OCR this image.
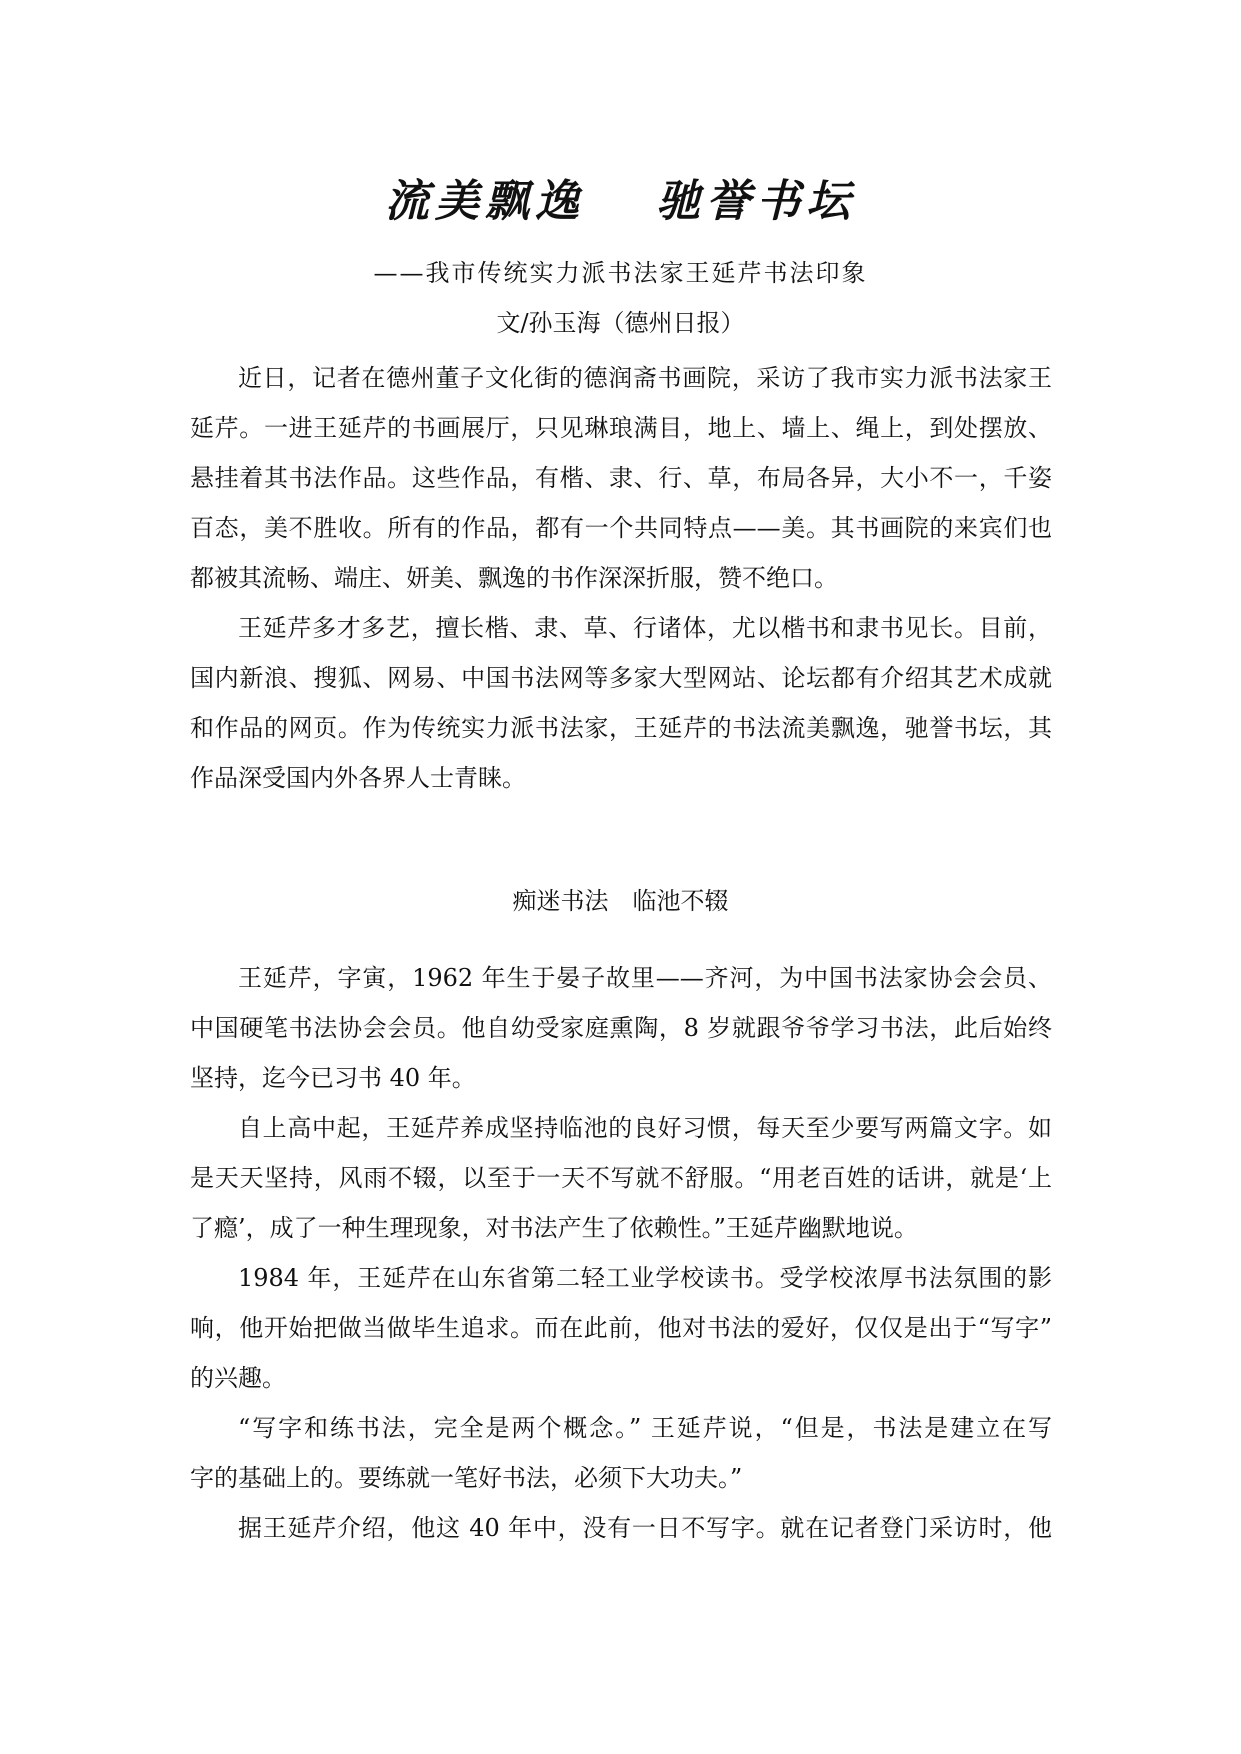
流美飘逸　 驰誉书坛
——我市传统实力派书法家王延芹书法印象
文/孙玉海（德州日报）
近日，记者在德州董子文化街的德润斋书画院，采访了我市实力派书法家王
延芹。一进王延芹的书画展厅，只见琳琅满目，地上、墙上、绳上，到处摆放、
悬挂着其书法作品。这些作品，有楷、隶、行、草，布局各异，大小不一，千姿
百态，美不胜收。所有的作品，都有一个共同特点——美。其书画院的来宾们也
都被其流畅、端庄、妍美、飘逸的书作深深折服，赞不绝口。
王延芹多才多艺，擅长楷、隶、草、行诸体，尤以楷书和隶书见长。目前，
国内新浪、搜狐、网易、中国书法网等多家大型网站、论坛都有介绍其艺术成就
和作品的网页。作为传统实力派书法家，王延芹的书法流美飘逸，驰誉书坛，其
作品深受国内外各界人士青睐。
痴迷书法　临池不辍
王延芹，字寅，1962 年生于晏子故里——齐河，为中国书法家协会会员、
中国硬笔书法协会会员。他自幼受家庭熏陶，8 岁就跟爷爷学习书法，此后始终
坚持，迄今已习书 40 年。
自上高中起，王延芹养成坚持临池的良好习惯，每天至少要写两篇文字。如
是天天坚持，风雨不辍，以至于一天不写就不舒服。“用老百姓的话讲，就是‘上
了瘾’，成了一种生理现象，对书法产生了依赖性。”王延芹幽默地说。
1984 年，王延芹在山东省第二轻工业学校读书。受学校浓厚书法氛围的影
响，他开始把做当做毕生追求。而在此前，他对书法的爱好，仅仅是出于“写字”
的兴趣。
“写字和练书法，完全是两个概念。” 王延芹说，“但是，书法是建立在写
字的基础上的。要练就一笔好书法，必须下大功夫。”
据王延芹介绍，他这 40 年中，没有一日不写字。就在记者登门采访时，他
